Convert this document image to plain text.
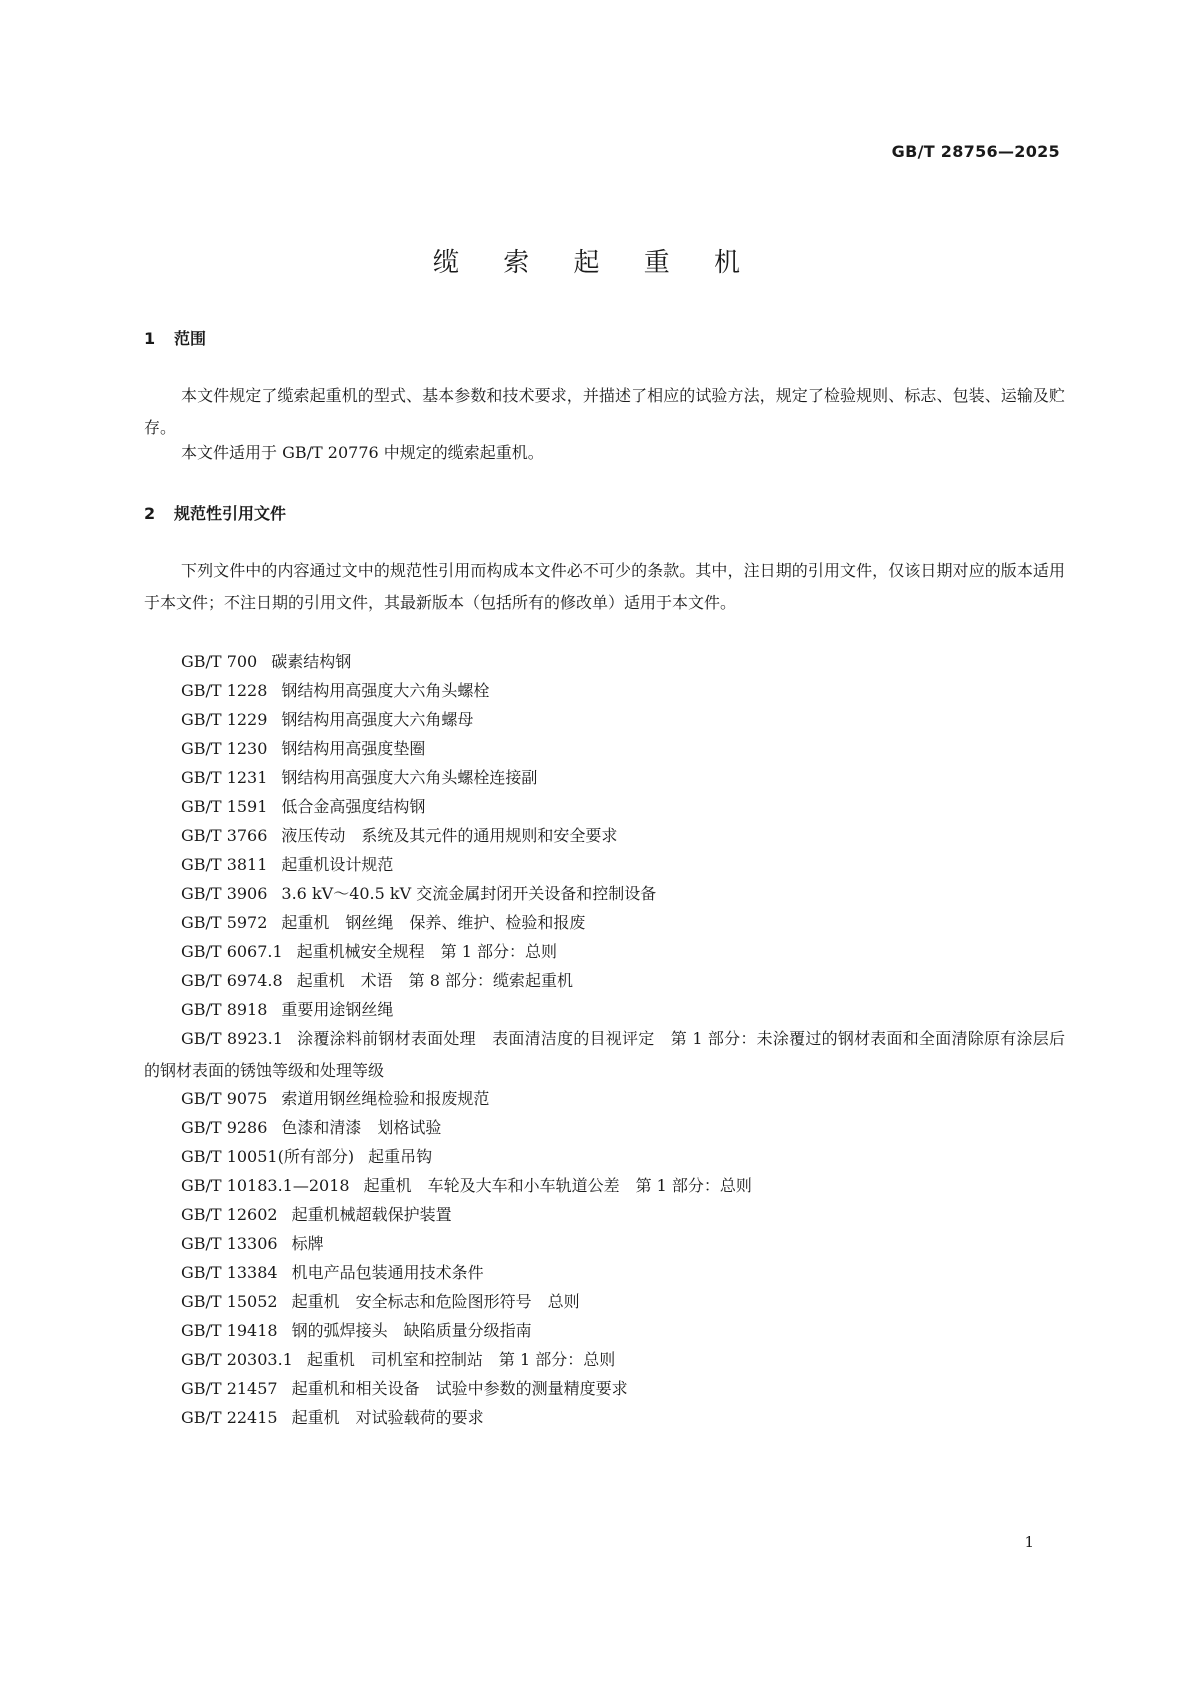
GB/T 28756—2025
缆 索 起 重 机
1 范围
本文件规定了缆索起重机的型式、基本参数和技术要求，并描述了相应的试验方法，规定了检验规则、标志、包装、运输及贮存。
本文件适用于 GB/T 20776 中规定的缆索起重机。
2 规范性引用文件
下列文件中的内容通过文中的规范性引用而构成本文件必不可少的条款。其中，注日期的引用文件，仅该日期对应的版本适用于本文件；不注日期的引用文件，其最新版本（包括所有的修改单）适用于本文件。
GB/T 700 碳素结构钢
GB/T 1228 钢结构用高强度大六角头螺栓
GB/T 1229 钢结构用高强度大六角螺母
GB/T 1230 钢结构用高强度垫圈
GB/T 1231 钢结构用高强度大六角头螺栓连接副
GB/T 1591 低合金高强度结构钢
GB/T 3766 液压传动　系统及其元件的通用规则和安全要求
GB/T 3811 起重机设计规范
GB/T 3906 3.6 kV～40.5 kV 交流金属封闭开关设备和控制设备
GB/T 5972 起重机　钢丝绳　保养、维护、检验和报废
GB/T 6067.1 起重机械安全规程　第 1 部分：总则
GB/T 6974.8 起重机　术语　第 8 部分：缆索起重机
GB/T 8918 重要用途钢丝绳
GB/T 8923.1 涂覆涂料前钢材表面处理　表面清洁度的目视评定　第 1 部分：未涂覆过的钢材表面和全面清除原有涂层后的钢材表面的锈蚀等级和处理等级
GB/T 9075 索道用钢丝绳检验和报废规范
GB/T 9286 色漆和清漆　划格试验
GB/T 10051(所有部分) 起重吊钩
GB/T 10183.1—2018 起重机　车轮及大车和小车轨道公差　第 1 部分：总则
GB/T 12602 起重机械超载保护装置
GB/T 13306 标牌
GB/T 13384 机电产品包装通用技术条件
GB/T 15052 起重机　安全标志和危险图形符号　总则
GB/T 19418 钢的弧焊接头　缺陷质量分级指南
GB/T 20303.1 起重机　司机室和控制站　第 1 部分：总则
GB/T 21457 起重机和相关设备　试验中参数的测量精度要求
GB/T 22415 起重机　对试验载荷的要求
1
